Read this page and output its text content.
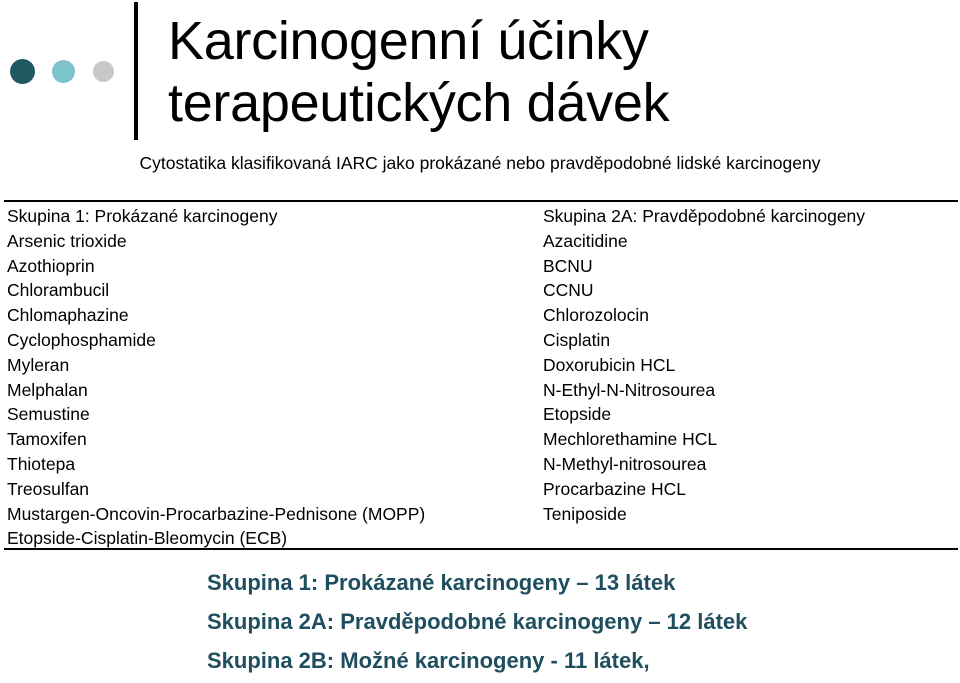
Karcinogenní účinky
terapeutických dávek
Cytostatika klasifikovaná IARC jako prokázané nebo pravděpodobné lidské karcinogeny
Skupina 1: Prokázané karcinogeny
Arsenic trioxide
Azothioprin
Chlorambucil
Chlomaphazine
Cyclophosphamide
Myleran
Melphalan
Semustine
Tamoxifen
Thiotepa
Treosulfan
Mustargen-Oncovin-Procarbazine-Pednisone (MOPP)
Etopside-Cisplatin-Bleomycin (ECB)
Skupina 2A: Pravděpodobné karcinogeny
Azacitidine
BCNU
CCNU
Chlorozolocin
Cisplatin
Doxorubicin HCL
N-Ethyl-N-Nitrosourea
Etopside
Mechlorethamine HCL
N-Methyl-nitrosourea
Procarbazine HCL
Teniposide
Skupina 1: Prokázané karcinogeny – 13 látek
Skupina 2A: Pravděpodobné karcinogeny – 12 látek
Skupina 2B: Možné karcinogeny - 11 látek,
